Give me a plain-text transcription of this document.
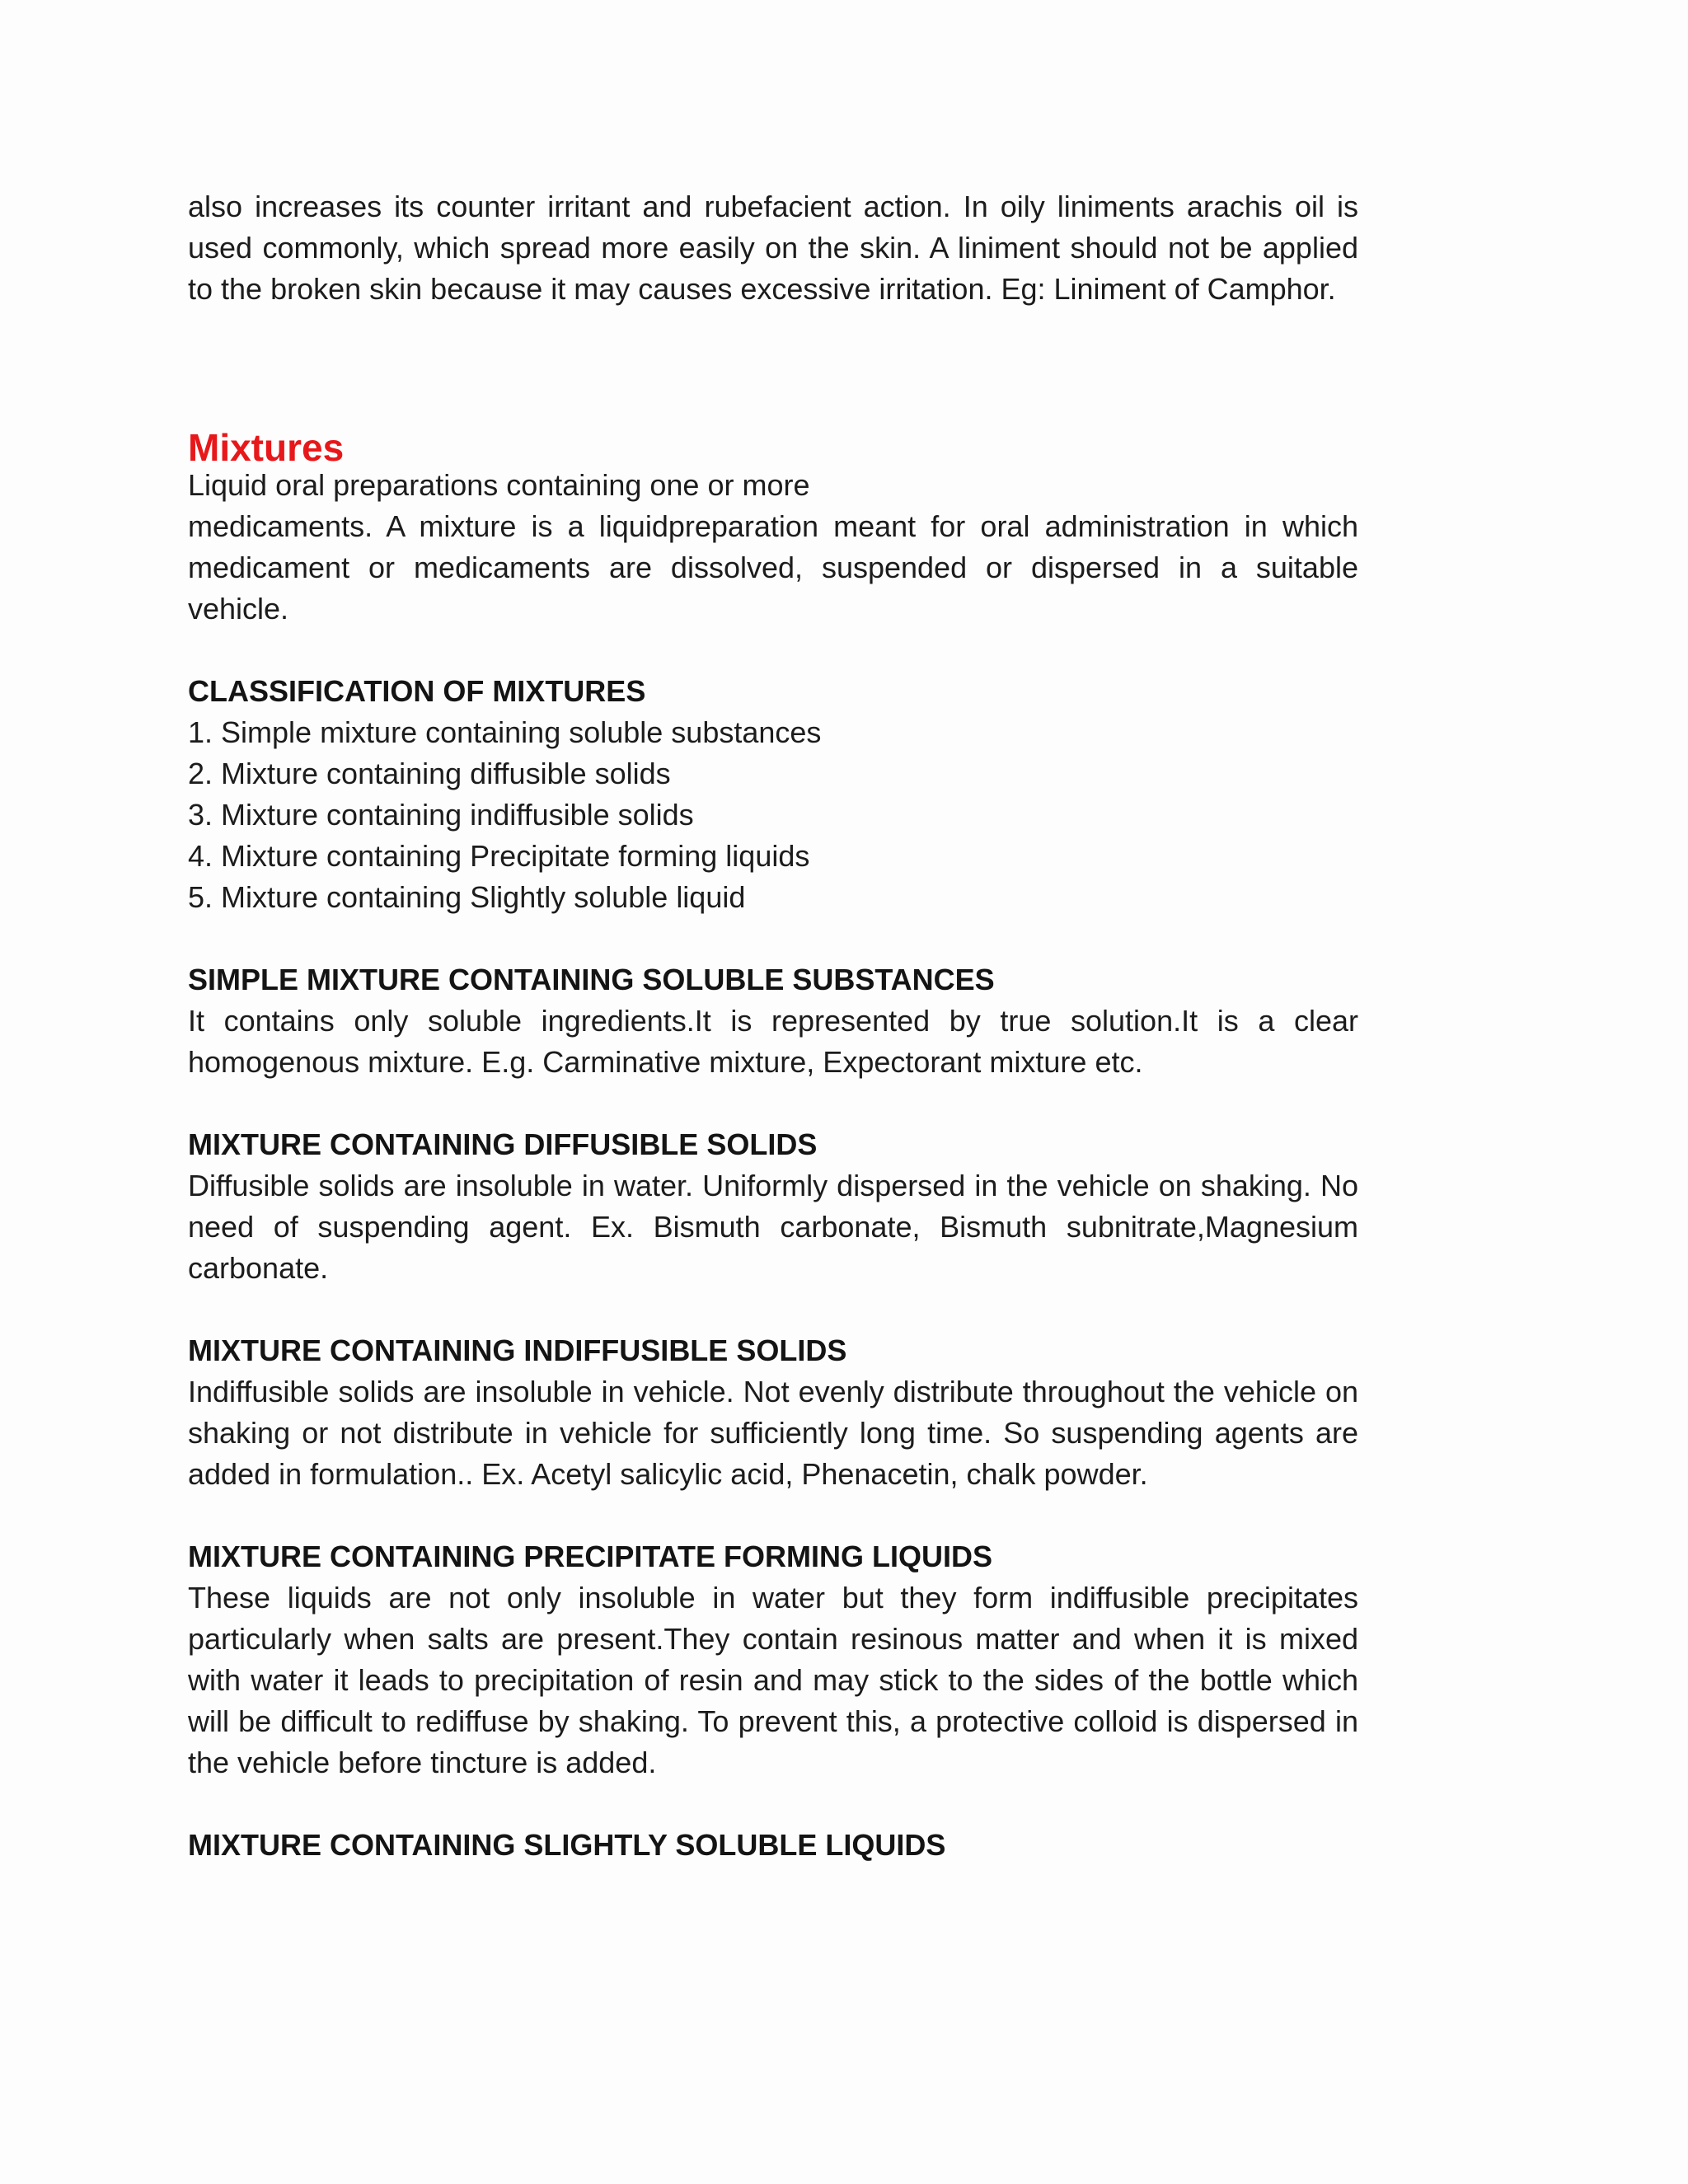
also increases its counter irritant and rubefacient action. In oily liniments arachis oil is used commonly, which spread more easily on the skin. A liniment should not be applied to the broken skin because it may causes excessive irritation. Eg: Liniment of Camphor.

Mixtures

Liquid oral preparations containing one or more

medicaments. A mixture is a liquidpreparation meant for oral administration in which medicament or medicaments are dissolved, suspended or dispersed in a suitable vehicle.

CLASSIFICATION OF MIXTURES
1. Simple mixture containing soluble substances
2. Mixture containing diffusible solids
3. Mixture containing indiffusible solids
4. Mixture containing Precipitate forming liquids
5. Mixture containing Slightly soluble liquid
SIMPLE MIXTURE CONTAINING SOLUBLE SUBSTANCES

It contains only soluble ingredients.It is represented by true solution.It is a clear homogenous mixture. E.g. Carminative mixture, Expectorant mixture etc.

MIXTURE CONTAINING DIFFUSIBLE SOLIDS

Diffusible solids are insoluble in water. Uniformly dispersed in the vehicle on shaking. No need of suspending agent. Ex. Bismuth carbonate, Bismuth subnitrate,Magnesium carbonate.

MIXTURE CONTAINING INDIFFUSIBLE SOLIDS

Indiffusible solids are insoluble in vehicle. Not evenly distribute throughout the vehicle on shaking or not distribute in vehicle for sufficiently long time. So suspending agents are added in formulation.. Ex. Acetyl salicylic acid, Phenacetin, chalk powder.

MIXTURE CONTAINING PRECIPITATE FORMING LIQUIDS

These liquids are not only insoluble in water but they form indiffusible precipitates particularly when salts are present.They contain resinous matter and when it is mixed with water it leads to precipitation of resin and may stick to the sides of the bottle which will be difficult to rediffuse by shaking. To prevent this, a protective colloid is dispersed in the vehicle before tincture is added.

MIXTURE CONTAINING SLIGHTLY SOLUBLE LIQUIDS
